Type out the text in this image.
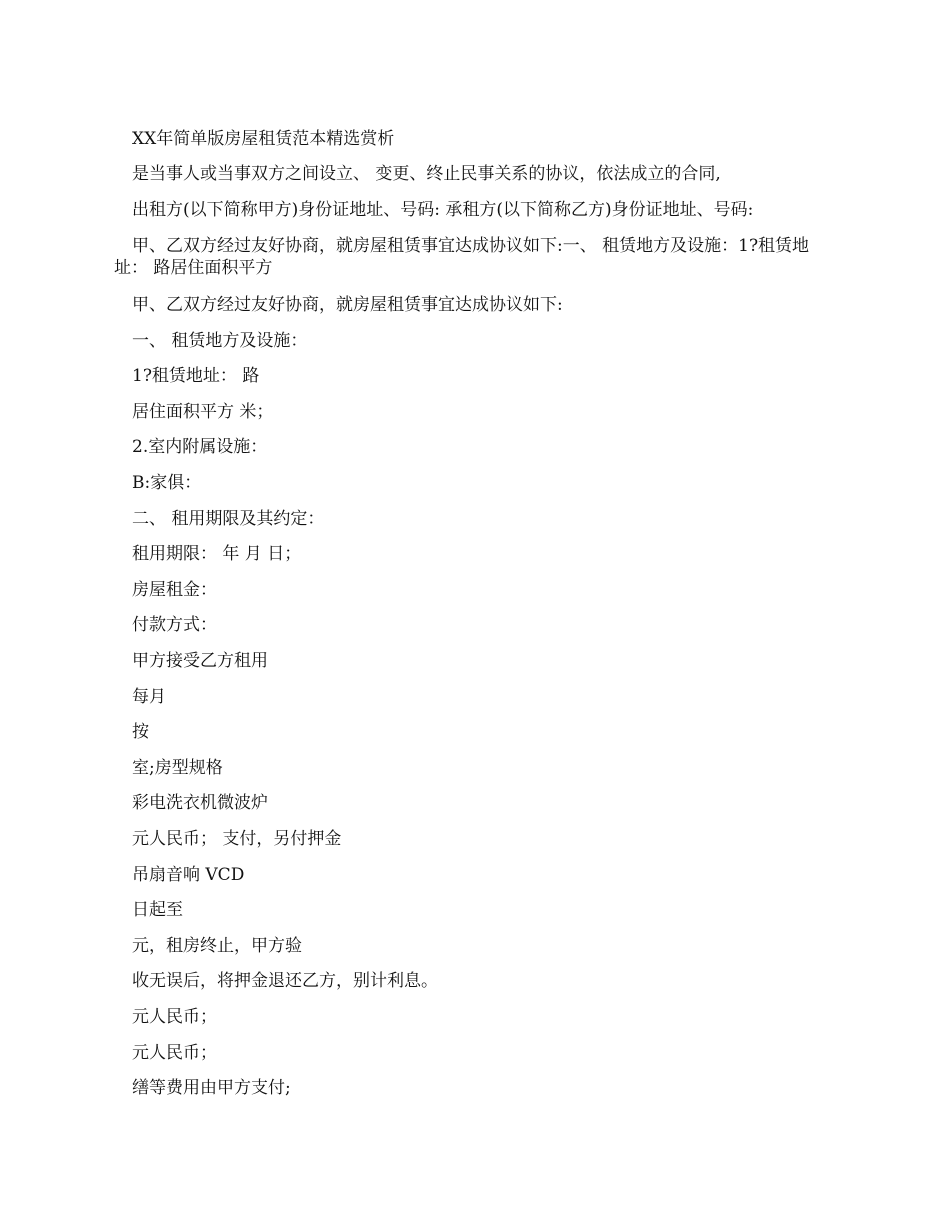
XX年简单版房屋租赁范本精选赏析

是当事人或当事双方之间设立、 变更、终止民事关系的协议，依法成立的合同,

出租方(以下简称甲方)身份证地址、号码: 承租方(以下简称乙方)身份证地址、号码:

甲、乙双方经过友好协商，就房屋租赁事宜达成协议如下:一、 租赁地方及设施：1?租赁地址： 路居住面积平方

甲、乙双方经过友好协商，就房屋租赁事宜达成协议如下:

一、 租赁地方及设施：

1?租赁地址： 路

居住面积平方 米；

2.室内附属设施：

B:家俱：

二、 租用期限及其约定：

租用期限： 年 月 日；

房屋租金：

付款方式：

甲方接受乙方租用

每月

按

室;房型规格

彩电洗衣机微波炉

元人民币； 支付，另付押金

吊扇音响 VCD

日起至

元，租房终止，甲方验

收无误后，将押金退还乙方，别计利息。

元人民币；

元人民币；

缮等费用由甲方支付;
